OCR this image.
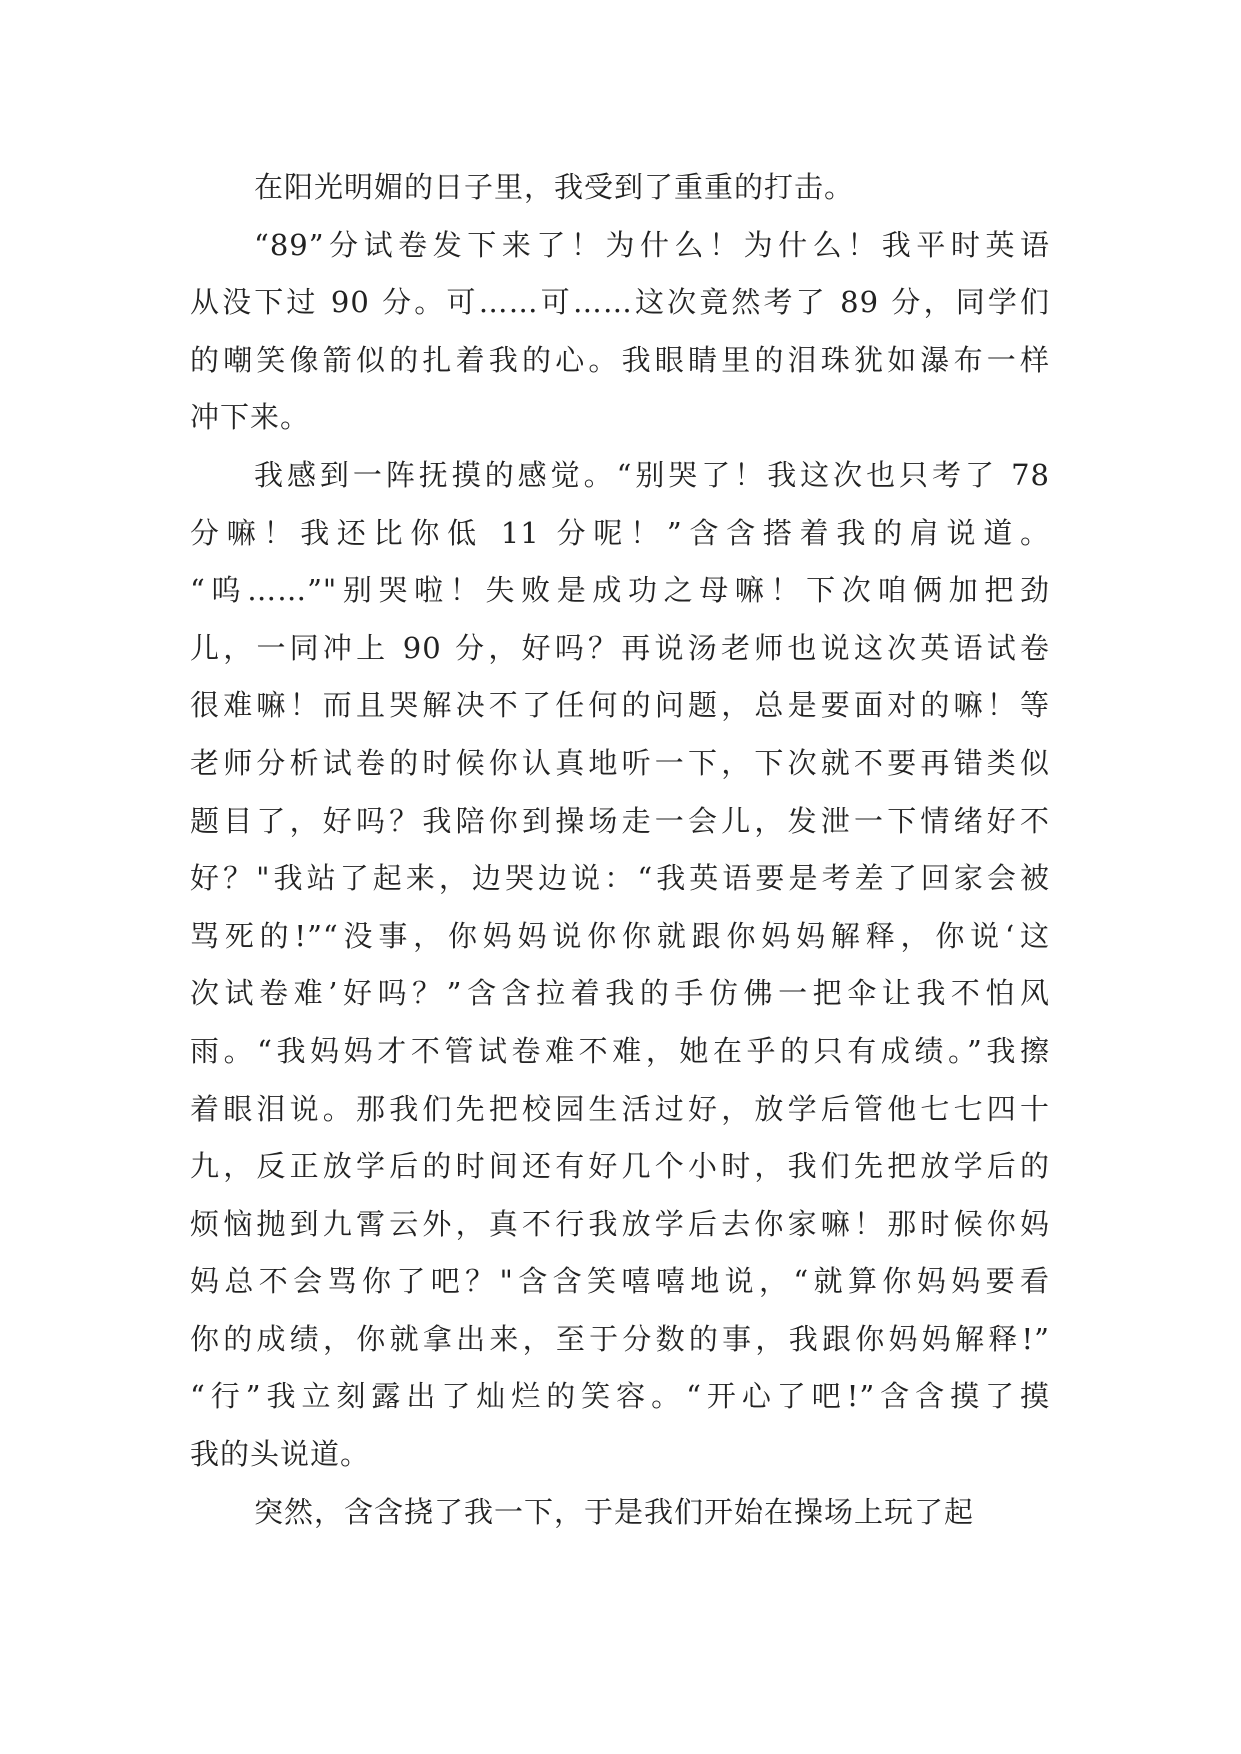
在阳光明媚的日子里，我受到了重重的打击。
“89”分试卷发下来了！为什么！为什么！我平时英语
从没下过 90 分。可……可……这次竟然考了 89 分，同学们
的嘲笑像箭似的扎着我的心。我眼睛里的泪珠犹如瀑布一样
冲下来。
我感到一阵抚摸的感觉。“别哭了！我这次也只考了 78
分嘛！我还比你低 11 分呢！”含含搭着我的肩说道。
“呜……”"别哭啦！失败是成功之母嘛！下次咱俩加把劲
儿，一同冲上 90 分，好吗？再说汤老师也说这次英语试卷
很难嘛！而且哭解决不了任何的问题，总是要面对的嘛！等
老师分析试卷的时候你认真地听一下，下次就不要再错类似
题目了，好吗？我陪你到操场走一会儿，发泄一下情绪好不
好？"我站了起来，边哭边说：“我英语要是考差了回家会被
骂死的!”“没事，你妈妈说你你就跟你妈妈解释，你说‘这
次试卷难’好吗？”含含拉着我的手仿佛一把伞让我不怕风
雨。“我妈妈才不管试卷难不难，她在乎的只有成绩。”我擦
着眼泪说。那我们先把校园生活过好，放学后管他七七四十
九，反正放学后的时间还有好几个小时，我们先把放学后的
烦恼抛到九霄云外，真不行我放学后去你家嘛！那时候你妈
妈总不会骂你了吧？"含含笑嘻嘻地说，“就算你妈妈要看
你的成绩，你就拿出来，至于分数的事，我跟你妈妈解释!”
“行”我立刻露出了灿烂的笑容。“开心了吧!”含含摸了摸
我的头说道。
突然，含含挠了我一下，于是我们开始在操场上玩了起
